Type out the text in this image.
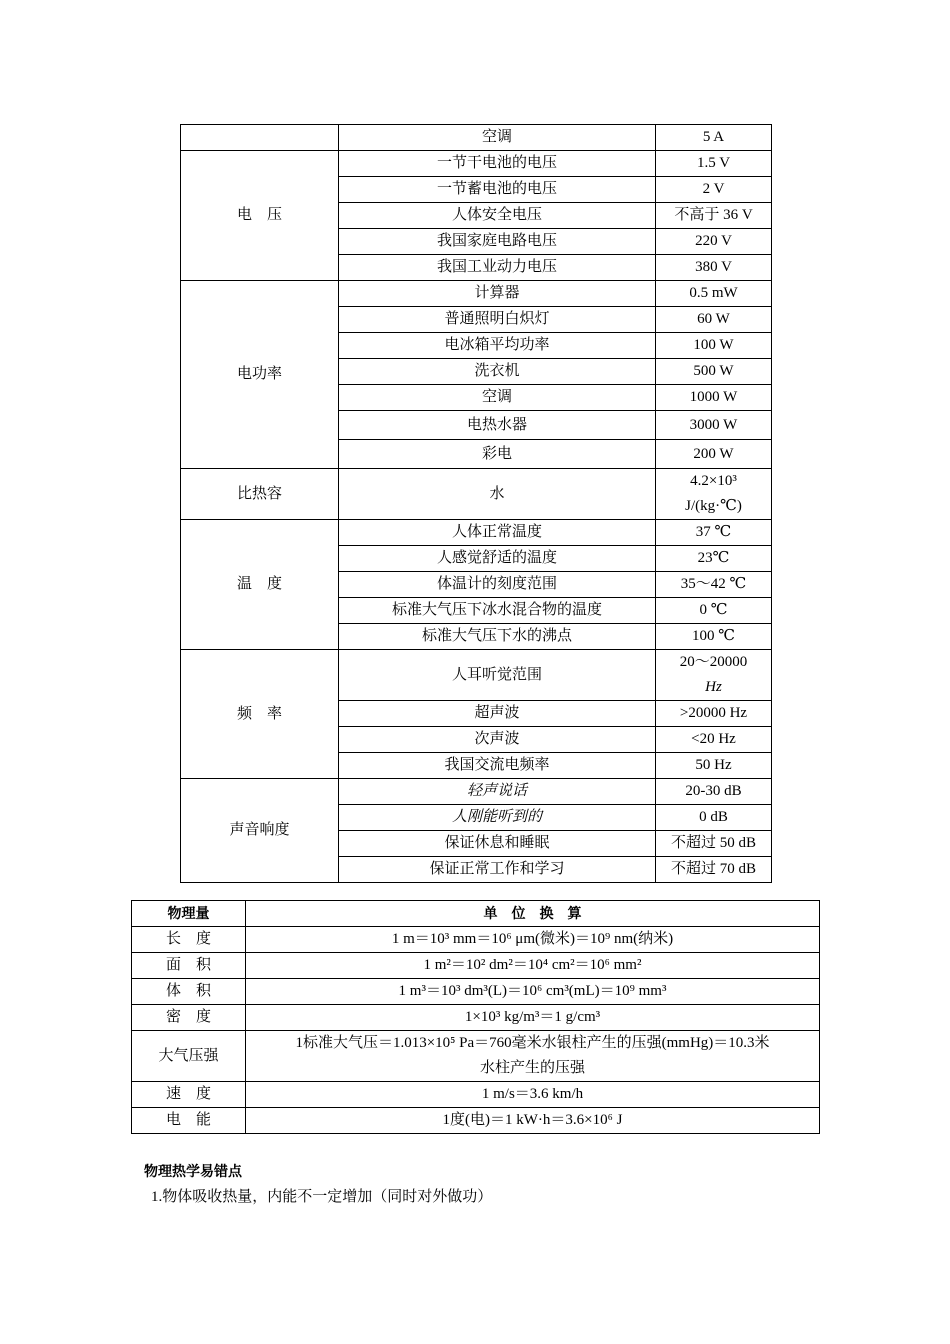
	空调	5 A
电　压	一节干电池的电压	1.5 V
	一节蓄电池的电压	2 V
	人体安全电压	不高于 36 V
	我国家庭电路电压	220 V
	我国工业动力电压	380 V
电功率	计算器	0.5 mW
	普通照明白炽灯	60 W
	电冰箱平均功率	100 W
	洗衣机	500 W
	空调	1000 W
	电热水器	3000 W
	彩电	200 W
比热容	水	4.2×10³
J/(kg·℃)

温　度	人体正常温度	37 ℃
	人感觉舒适的温度	23℃
	体温计的刻度范围	35～42 ℃
	标准大气压下冰水混合物的温度	0 ℃
	标准大气压下水的沸点	100 ℃
频　率	人耳听觉范围	20～20000
Hz

	超声波	>20000 Hz
	次声波	<20 Hz
	我国交流电频率	50 Hz
声音响度	轻声说话	20-30 dB
	人刚能听到的	0 dB
	保证休息和睡眠	不超过 50 dB
	保证正常工作和学习	不超过 70 dB
物理量	单　位　换　算
长　度	1 m＝10³ mm＝10⁶ μm(微米)＝10⁹ nm(纳米)
面　积	1 m²＝10² dm²＝10⁴ cm²＝10⁶ mm²
体　积	1 m³＝10³ dm³(L)＝10⁶ cm³(mL)＝10⁹ mm³
密　度	1×10³ kg/m³＝1 g/cm³
大气压强	1标准大气压＝1.013×10⁵ Pa＝760毫米水银柱产生的压强(mmHg)＝10.3米
水柱产生的压强

速　度	1 m/s＝3.6 km/h
电　能	1度(电)＝1 kW·h＝3.6×10⁶ J
物理热学易错点
1.物体吸收热量，内能不一定增加（同时对外做功）
